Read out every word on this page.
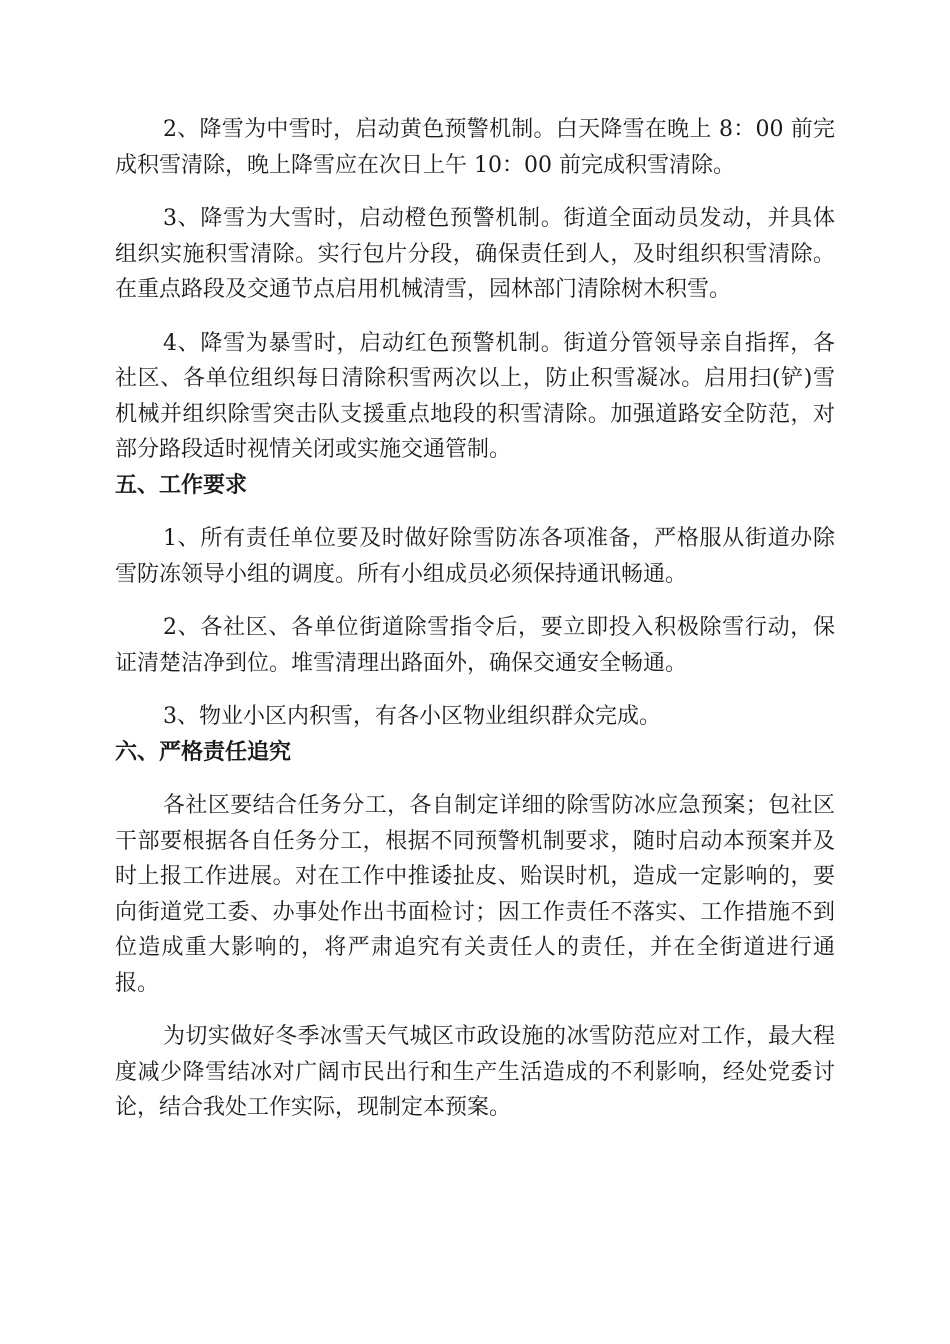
2、降雪为中雪时，启动黄色预警机制。白天降雪在晚上 8：00 前完成积雪清除，晚上降雪应在次日上午 10：00 前完成积雪清除。

3、降雪为大雪时，启动橙色预警机制。街道全面动员发动，并具体组织实施积雪清除。实行包片分段，确保责任到人，及时组织积雪清除。在重点路段及交通节点启用机械清雪，园林部门清除树木积雪。

4、降雪为暴雪时，启动红色预警机制。街道分管领导亲自指挥，各社区、各单位组织每日清除积雪两次以上，防止积雪凝冰。启用扫(铲)雪机械并组织除雪突击队支援重点地段的积雪清除。加强道路安全防范，对部分路段适时视情关闭或实施交通管制。

五、工作要求

1、所有责任单位要及时做好除雪防冻各项准备，严格服从街道办除雪防冻领导小组的调度。所有小组成员必须保持通讯畅通。

2、各社区、各单位街道除雪指令后，要立即投入积极除雪行动，保证清楚洁净到位。堆雪清理出路面外，确保交通安全畅通。

3、物业小区内积雪，有各小区物业组织群众完成。

六、严格责任追究

各社区要结合任务分工，各自制定详细的除雪防冰应急预案；包社区干部要根据各自任务分工，根据不同预警机制要求，随时启动本预案并及时上报工作进展。对在工作中推诿扯皮、贻误时机，造成一定影响的，要向街道党工委、办事处作出书面检讨；因工作责任不落实、工作措施不到位造成重大影响的，将严肃追究有关责任人的责任，并在全街道进行通报。

为切实做好冬季冰雪天气城区市政设施的冰雪防范应对工作，最大程度减少降雪结冰对广阔市民出行和生产生活造成的不利影响，经处党委讨论，结合我处工作实际，现制定本预案。
